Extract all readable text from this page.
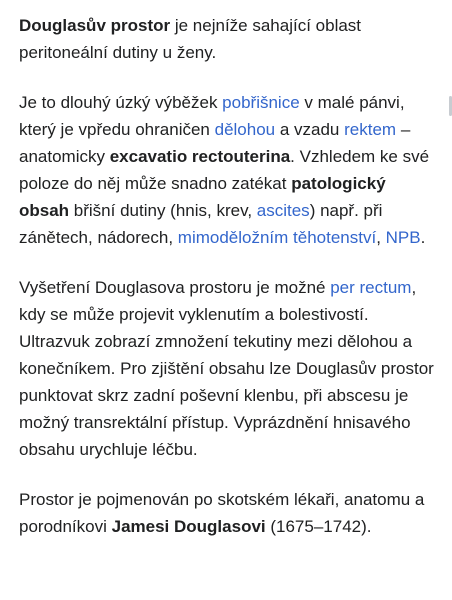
Douglasův prostor je nejníže sahající oblast peritoneální dutiny u ženy.

Je to dlouhý úzký výběžek pobřišnice v malé pánvi, který je vpředu ohraničen dělohou a vzadu rektem – anatomicky excavatio rectouterina. Vzhledem ke své poloze do něj může snadno zatékat patologický obsah břišní dutiny (hnis, krev, ascites) např. při zánětech, nádorech, mimoděložním těhotenství, NPB.

Vyšetření Douglasova prostoru je možné per rectum, kdy se může projevit vyklenutím a bolestivostí. Ultrazvuk zobrazí zmnožení tekutiny mezi dělohou a konečníkem. Pro zjištění obsahu lze Douglasův prostor punktovat skrz zadní poševní klenbu, při abscesu je možný transrektální přístup. Vyprázdnění hnisavého obsahu urychluje léčbu.

Prostor je pojmenován po skotském lékaři, anatomu a porodníkovi Jamesi Douglasovi (1675–1742).
